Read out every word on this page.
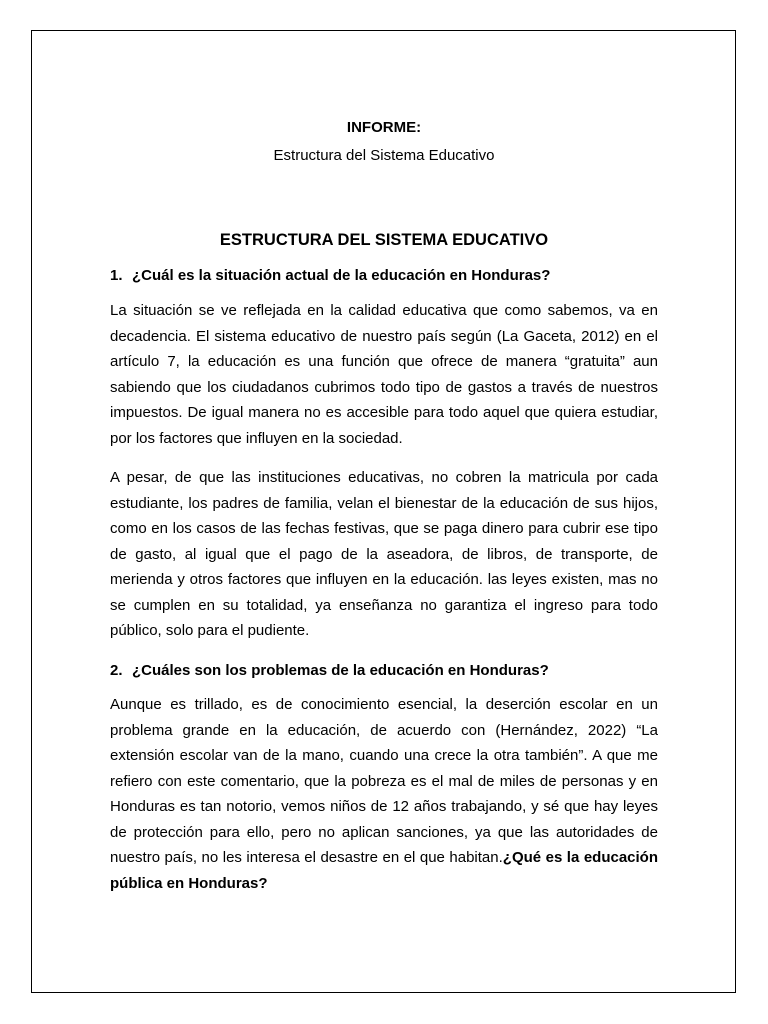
INFORME:
Estructura del Sistema Educativo
ESTRUCTURA DEL SISTEMA EDUCATIVO
1. ¿Cuál es la situación actual de la educación en Honduras?

La situación se ve reflejada en la calidad educativa que como sabemos, va en decadencia. El sistema educativo de nuestro país según (La Gaceta, 2012) en el artículo 7, la educación es una función que ofrece de manera “gratuita” aun sabiendo que los ciudadanos cubrimos todo tipo de gastos a través de nuestros impuestos. De igual manera no es accesible para todo aquel que quiera estudiar, por los factores que influyen en la sociedad.

A pesar, de que las instituciones educativas, no cobren la matricula por cada estudiante, los padres de familia, velan el bienestar de la educación de sus hijos, como en los casos de las fechas festivas, que se paga dinero para cubrir ese tipo de gasto, al igual que el pago de la aseadora, de libros, de transporte, de merienda y otros factores que influyen en la educación. las leyes existen, mas no se cumplen en su totalidad, ya enseñanza no garantiza el ingreso para todo público, solo para el pudiente.

2. ¿Cuáles son los problemas de la educación en Honduras?

Aunque es trillado, es de conocimiento esencial, la deserción escolar en un problema grande en la educación, de acuerdo con (Hernández, 2022) “La extensión escolar van de la mano, cuando una crece la otra también”. A que me refiero con este comentario, que la pobreza es el mal de miles de personas y en Honduras es tan notorio, vemos niños de 12 años trabajando, y sé que hay leyes de protección para ello, pero no aplican sanciones, ya que las autoridades de nuestro país, no les interesa el desastre en el que habitan.¿Qué es la educación pública en Honduras?
